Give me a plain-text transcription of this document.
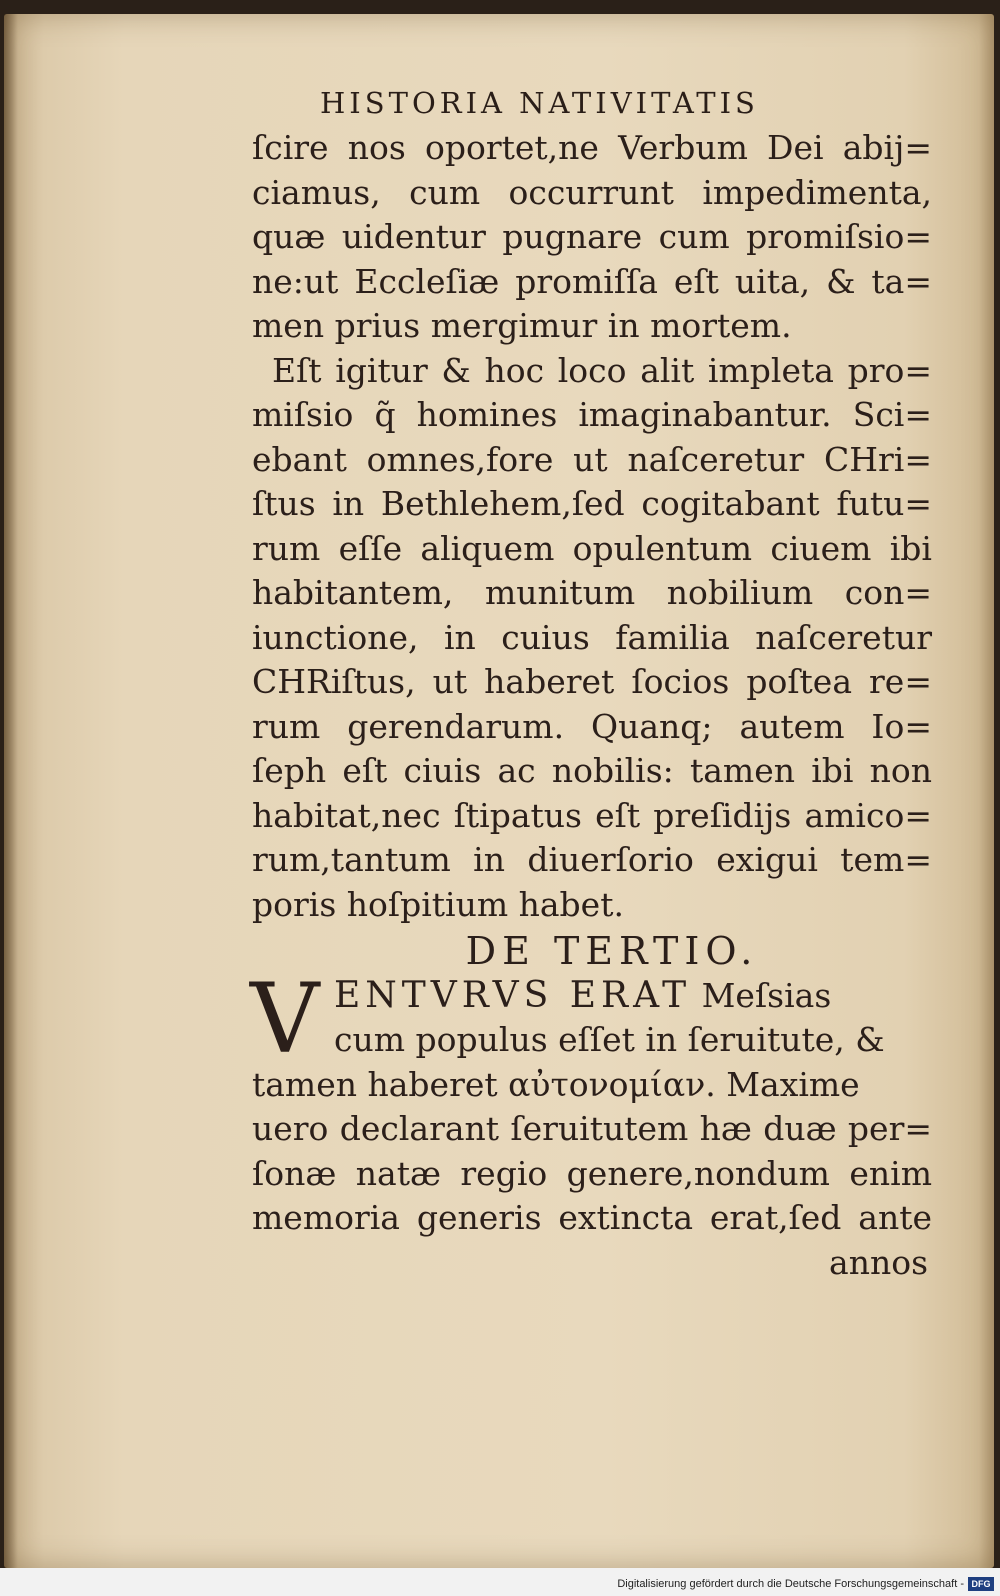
HISTORIA NATIVITATIS
ſcire nos oportet,ne Verbum Dei abij=
ciamus, cum occurrunt impedimenta,
quæ uidentur pugnare cum promiſsio=
ne:ut Eccleſiæ promiſſa eſt uita, & ta=
men prius mergimur in mortem.
Eſt igitur & hoc loco alit impleta pro=
miſsio q̃ homines imaginabantur. Sci=
ebant omnes,fore ut naſceretur CHri=
ſtus in Bethlehem,ſed cogitabant futu=
rum eſſe aliquem opulentum ciuem ibi
habitantem, munitum nobilium con=
iunctione, in cuius familia naſceretur
CHRiſtus, ut haberet ſocios poſtea re=
rum gerendarum. Quanq; autem Io=
ſeph eſt ciuis ac nobilis: tamen ibi non
habitat,nec ſtipatus eſt preſidijs amico=
rum,tantum in diuerſorio exigui tem=
poris hoſpitium habet.
DE TERTIO.
V ENTVRVS ERAT Meſsias
cum populus eſſet in ſeruitute, &
tamen haberet αὐτονομίαν. Maxime
uero declarant ſeruitutem hæ duæ per=
ſonæ natæ regio genere,nondum enim
memoria generis extincta erat,ſed ante
annos
Digitalisierung gefördert durch die Deutsche Forschungsgemeinschaft - DFG
